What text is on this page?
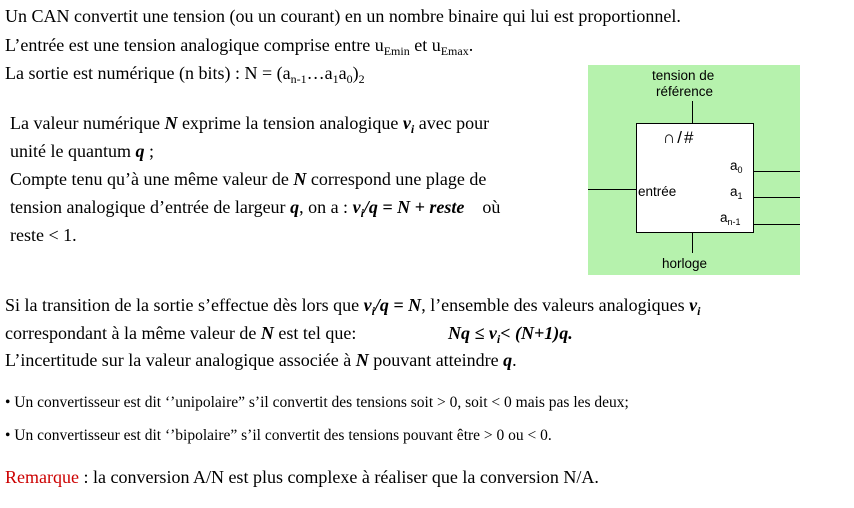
Un CAN convertit une tension (ou un courant) en un nombre binaire qui lui est proportionnel.
L’entrée est une tension analogique comprise entre $u_{Emin}$ et $u_{Emax}$.
La sortie est numérique (n bits) : $N = (a_{n-1}\dots a_1a_0)_2$
La valeur numérique N exprime la tension analogique $v_i$ avec pour
unité le quantum q ;
Compte tenu qu’à une même valeur de N correspond une plage de
tension analogique d’entrée de largeur q, on a : $v_i/q = N$ + reste    où
reste < 1.
tension de
référence
∩/#
entrée
$a_0$
$a_1$
$a_{n-1}$
horloge
Si la transition de la sortie s’effectue dès lors que $v_i/q = N$, l’ensemble des valeurs analogiques $v_i$
correspondant à la même valeur de N est tel que:	$Nq \le v_i< (N+1)q$.
L’incertitude sur la valeur analogique associée à N pouvant atteindre q.
• Un convertisseur est dit ‘’unipolaire” s’il convertit des tensions soit > 0, soit < 0 mais pas les deux;
• Un convertisseur est dit ‘’bipolaire” s’il convertit des tensions pouvant être > 0 ou < 0.
Remarque : la conversion A/N est plus complexe à réaliser que la conversion N/A.
